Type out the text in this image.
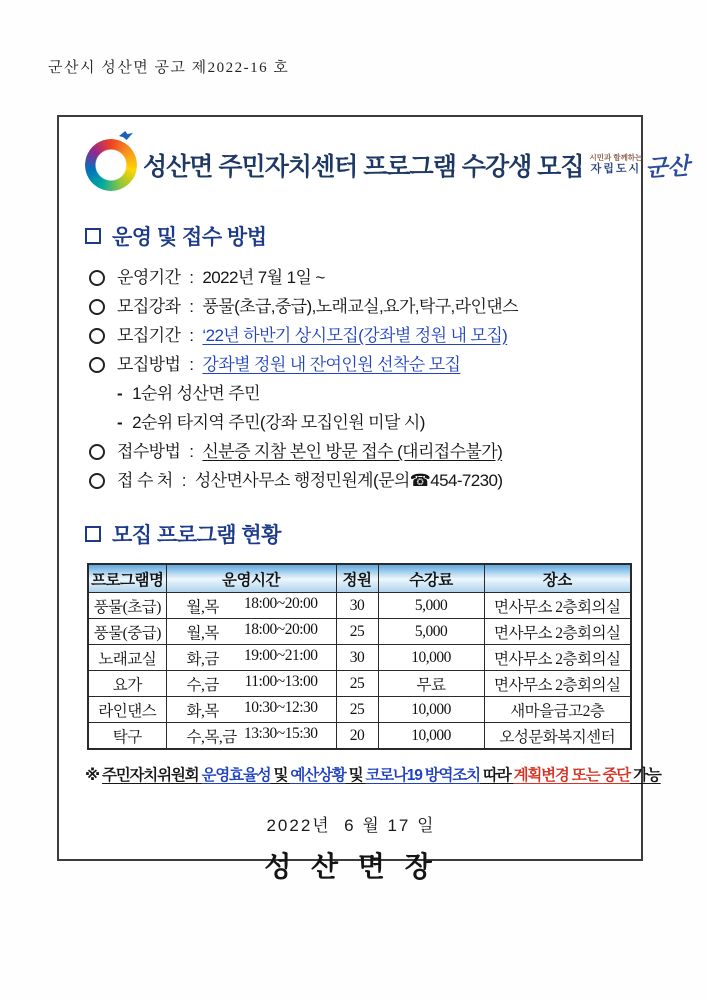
군산시 성산면 공고 제2022-16 호
성산면 주민자치센터 프로그램 수강생 모집 시민과 함께하는
자립도시 군산
운영 및 접수 방법
운영기간 : 2022년 7월 1일 ~
모집강좌 : 풍물(초급,중급),노래교실,요가,탁구,라인댄스
모집기간 : ‘22년 하반기 상시모집(강좌별 정원 내 모집)
모집방법 : 강좌별 정원 내 잔여인원 선착순 모집
- 1순위 성산면 주민
- 2순위 타지역 주민(강좌 모집인원 미달 시)
접수방법 : 신분증 지참 본인 방문 접수 (대리접수불가)
접 수 처 : 성산면사무소 행정민원계(문의☎454-7230)
모집 프로그램 현황
프로그램명	운영시간	정원	수강료	장소
풍물(초급)	월,목 18:00~20:00	30	5,000	면사무소 2층회의실
풍물(중급)	월,목 18:00~20:00	25	5,000	면사무소 2층회의실
노래교실	화,금 19:00~21:00	30	10,000	면사무소 2층회의실
요가	수,금 11:00~13:00	25	무료	면사무소 2층회의실
라인댄스	화,목 10:30~12:30	25	10,000	새마을금고2층
탁구	수,목,금 13:30~15:30	20	10,000	오성문화복지센터
※ 주민자치위원회 운영효율성 및 예산상황 및 코로나19 방역조치 따라 계획변경 또는 중단 가능
2022년  6 월 17 일
성 산 면 장
